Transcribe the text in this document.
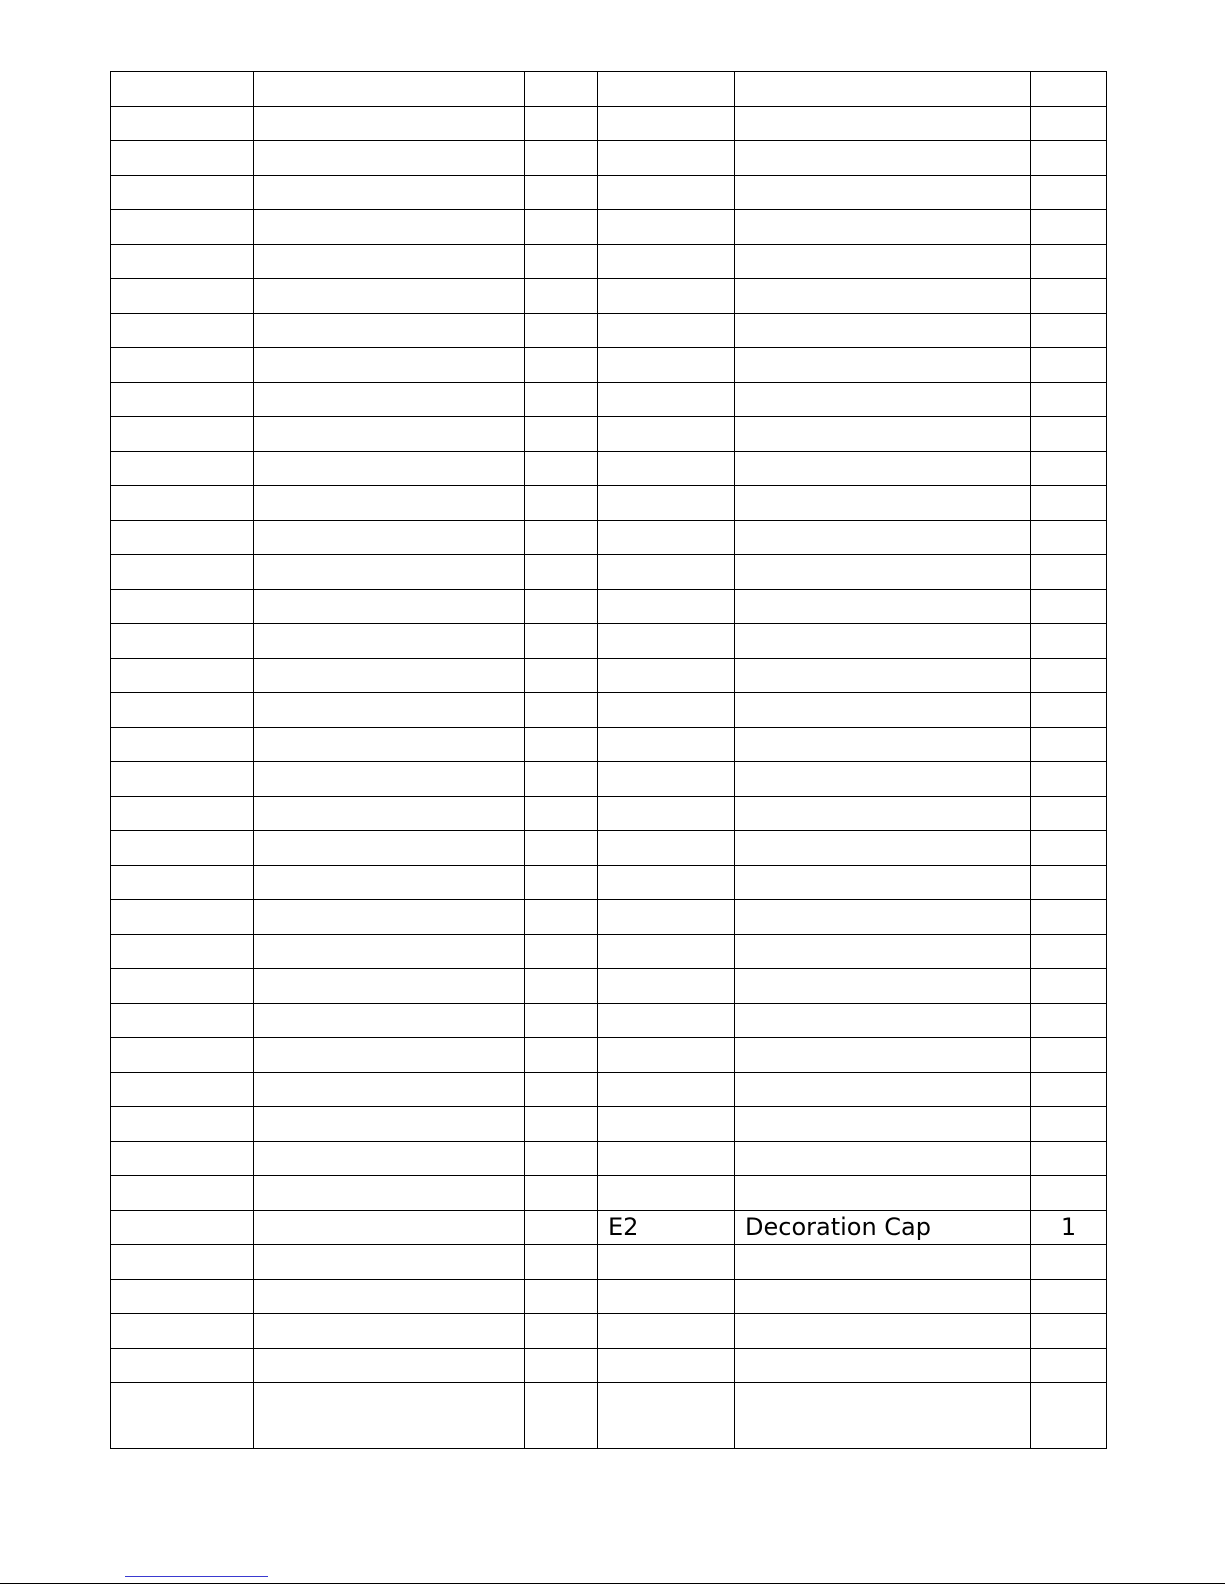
			E2	Decoration Cap	1
